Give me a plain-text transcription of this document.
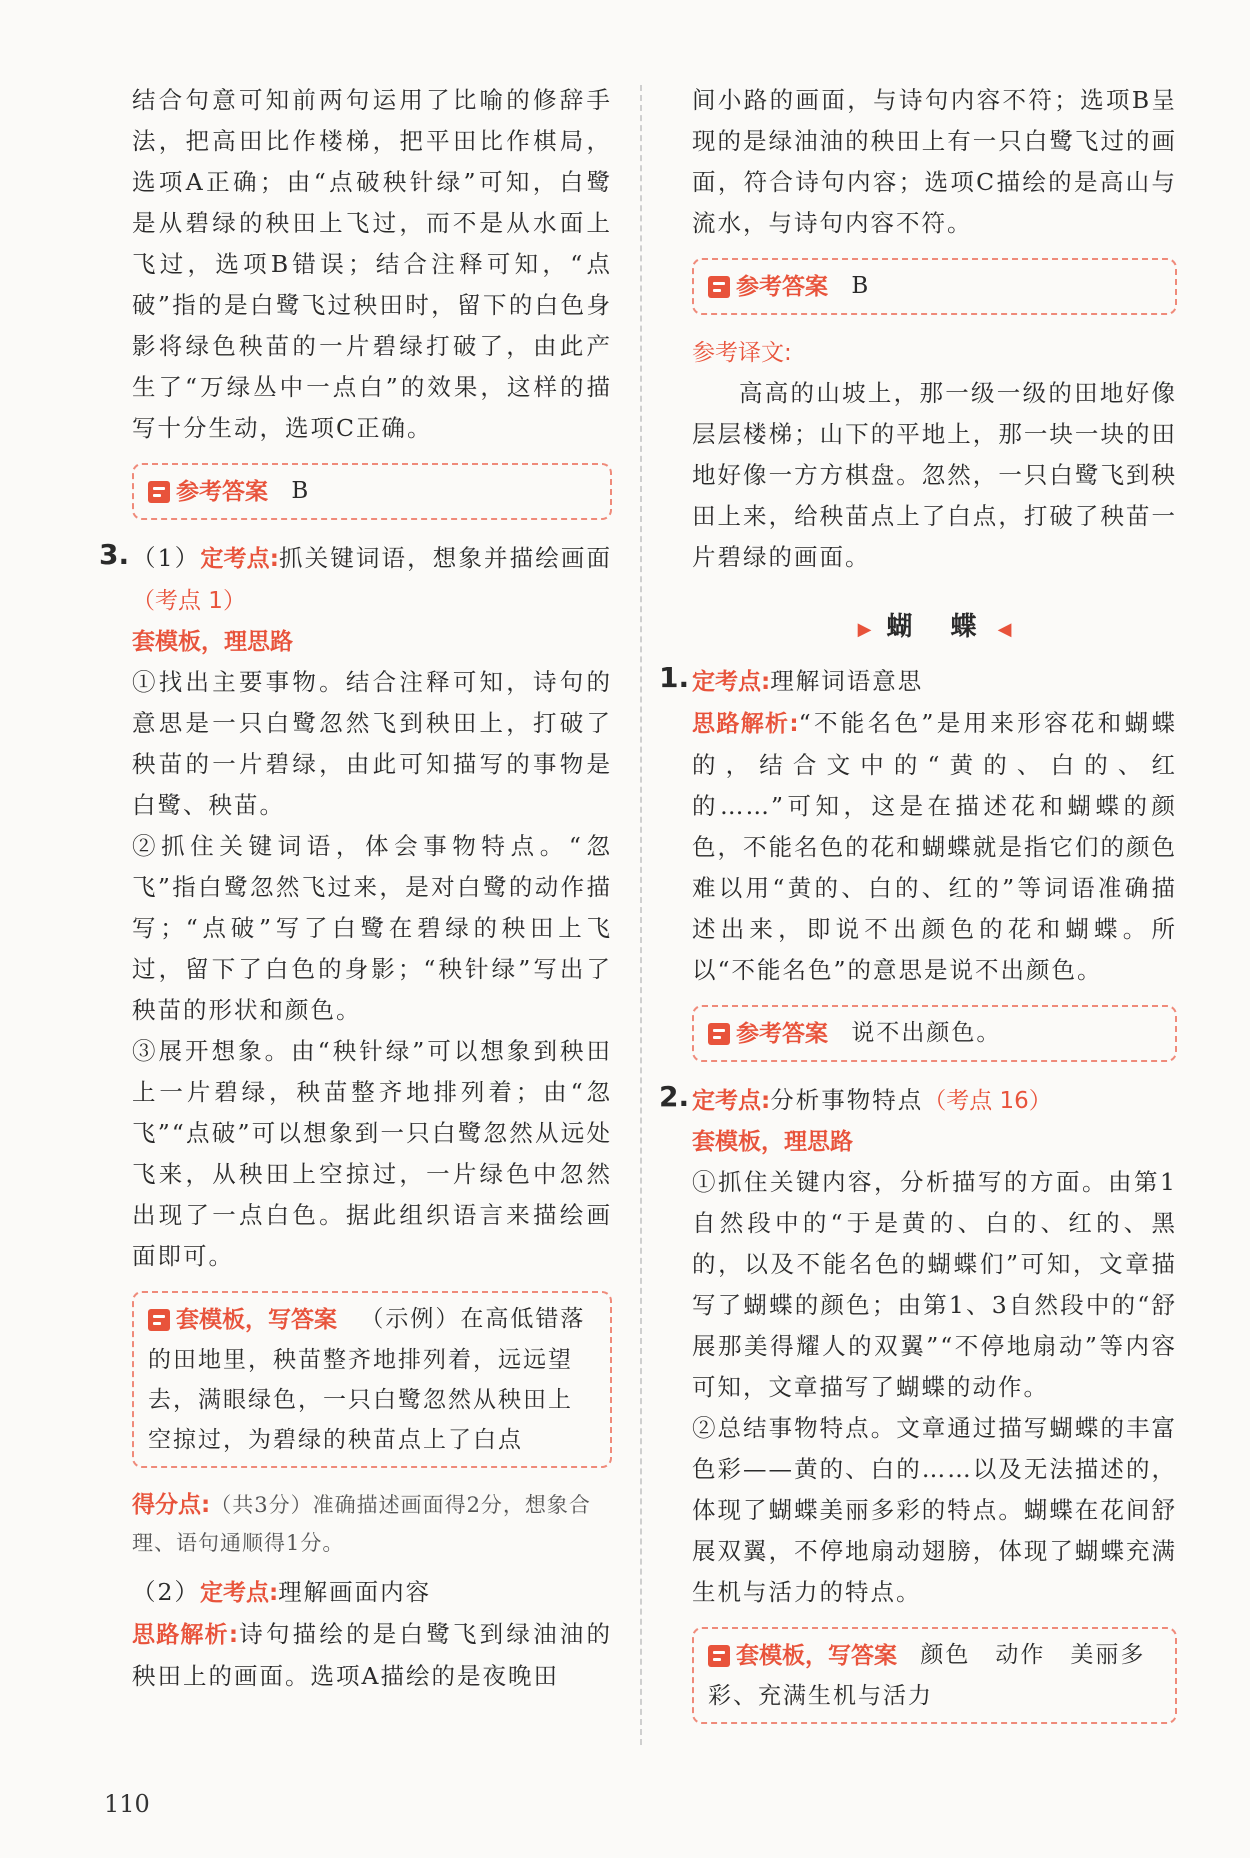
结合句意可知前两句运用了比喻的修辞手法，把高田比作楼梯，把平田比作棋局，选项A正确；由“点破秧针绿”可知，白鹭是从碧绿的秧田上飞过，而不是从水面上飞过，选项B错误；结合注释可知，“点破”指的是白鹭飞过秧田时，留下的白色身影将绿色秧苗的一片碧绿打破了，由此产生了“万绿丛中一点白”的效果，这样的描写十分生动，选项C正确。

参考答案 B
3. （1）定考点:抓关键词语，想象并描绘画面（考点 1）

套模板，理思路

①找出主要事物。结合注释可知，诗句的意思是一只白鹭忽然飞到秧田上，打破了秧苗的一片碧绿，由此可知描写的事物是白鹭、秧苗。

②抓住关键词语，体会事物特点。“忽飞”指白鹭忽然飞过来，是对白鹭的动作描写；“点破”写了白鹭在碧绿的秧田上飞过，留下了白色的身影；“秧针绿”写出了秧苗的形状和颜色。

③展开想象。由“秧针绿”可以想象到秧田上一片碧绿，秧苗整齐地排列着；由“忽飞”“点破”可以想象到一只白鹭忽然从远处飞来，从秧田上空掠过，一片绿色中忽然出现了一点白色。据此组织语言来描绘画面即可。

套模板，写答案 （示例）在高低错落的田地里，秧苗整齐地排列着，远远望去，满眼绿色，一只白鹭忽然从秧田上空掠过，为碧绿的秧苗点上了白点

得分点:（共3分）准确描述画面得2分，想象合理、语句通顺得1分。

（2）定考点:理解画面内容

思路解析:诗句描绘的是白鹭飞到绿油油的秧田上的画面。选项A描绘的是夜晚田

间小路的画面，与诗句内容不符；选项B呈现的是绿油油的秧田上有一只白鹭飞过的画面，符合诗句内容；选项C描绘的是高山与流水，与诗句内容不符。

参考答案 B

参考译文:

高高的山坡上，那一级一级的田地好像层层楼梯；山下的平地上，那一块一块的田地好像一方方棋盘。忽然，一只白鹭飞到秧田上来，给秧苗点上了白点，打破了秧苗一片碧绿的画面。

▶ 蝴　蝶 ◀
1. 定考点:理解词语意思

思路解析:“不能名色”是用来形容花和蝴蝶的，结合文中的“黄的、白的、红的……”可知，这是在描述花和蝴蝶的颜色，不能名色的花和蝴蝶就是指它们的颜色难以用“黄的、白的、红的”等词语准确描述出来，即说不出颜色的花和蝴蝶。所以“不能名色”的意思是说不出颜色。

参考答案 说不出颜色。
2. 定考点:分析事物特点（考点 16）

套模板，理思路

①抓住关键内容，分析描写的方面。由第1自然段中的“于是黄的、白的、红的、黑的，以及不能名色的蝴蝶们”可知，文章描写了蝴蝶的颜色；由第1、3自然段中的“舒展那美得耀人的双翼”“不停地扇动”等内容可知，文章描写了蝴蝶的动作。

②总结事物特点。文章通过描写蝴蝶的丰富色彩——黄的、白的……以及无法描述的，体现了蝴蝶美丽多彩的特点。蝴蝶在花间舒展双翼，不停地扇动翅膀，体现了蝴蝶充满生机与活力的特点。

套模板，写答案 颜色　动作　美丽多彩、充满生机与活力
110
